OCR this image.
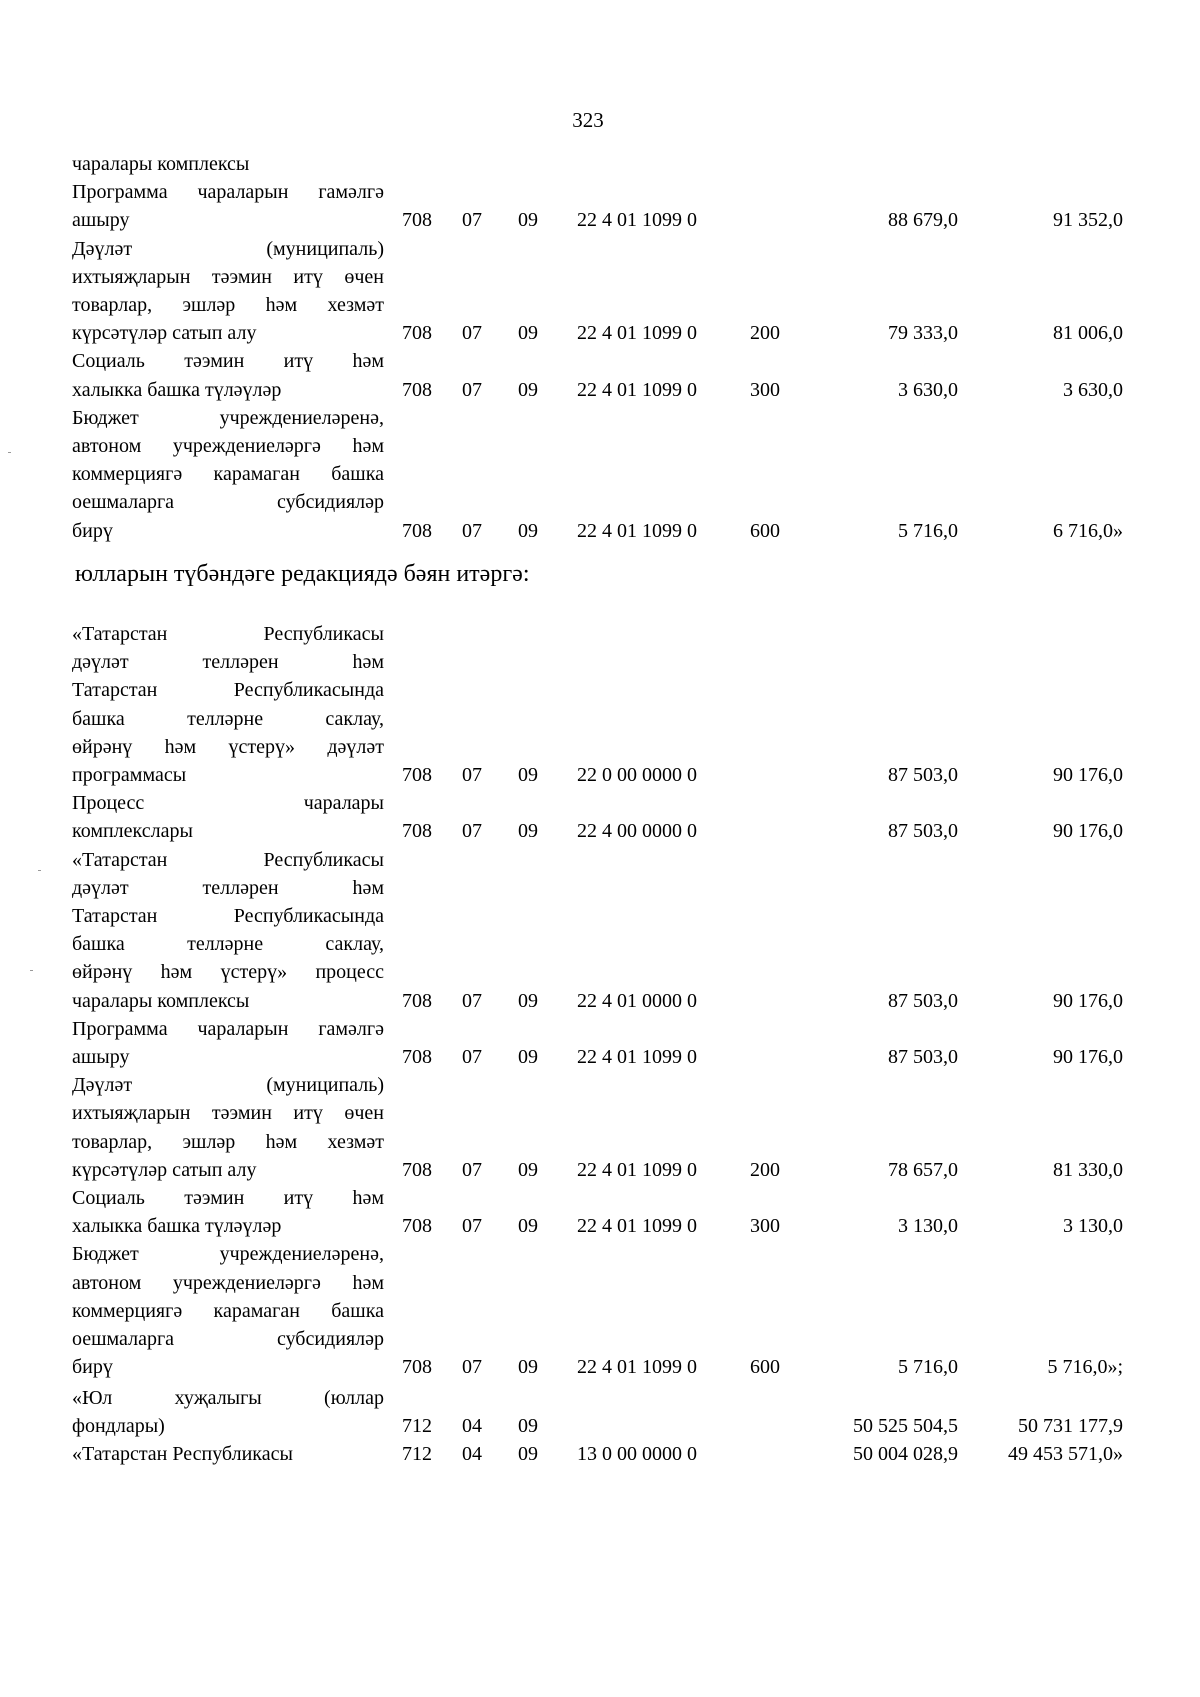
323
чаралары комплексы
Программа чараларын гамәлгә
ашыру	708 07 09 22 4 01 1099 0	88 679,0	91 352,0
Дәүләт (муниципаль)
ихтыяҗларын тәэмин итү өчен
товарлар, эшләр һәм хезмәт
күрсәтүләр сатып алу	708 07 09 22 4 01 1099 0	200	79 333,0	81 006,0
Социаль тәэмин итү һәм
халыкка башка түләүләр	708 07 09 22 4 01 1099 0	300	3 630,0	3 630,0
Бюджет учреждениеләренә,
автоном учреждениеләргә һәм
коммерциягә карамаган башка
оешмаларга субсидияләр
бирү	708 07 09 22 4 01 1099 0	600	5 716,0	6 716,0»
юлларын түбәндәге редакциядә бәян итәргә:
«Татарстан Республикасы
дәүләт телләрен һәм
Татарстан Республикасында
башка телләрне саклау,
өйрәнү һәм үстерү» дәүләт
программасы	708 07 09 22 0 00 0000 0	87 503,0	90 176,0
Процесс чаралары
комплекслары	708 07 09 22 4 00 0000 0	87 503,0	90 176,0
«Татарстан Республикасы
дәүләт телләрен һәм
Татарстан Республикасында
башка телләрне саклау,
өйрәнү һәм үстерү» процесс
чаралары комплексы	708 07 09 22 4 01 0000 0	87 503,0	90 176,0
Программа чараларын гамәлгә
ашыру	708 07 09 22 4 01 1099 0	87 503,0	90 176,0
Дәүләт (муниципаль)
ихтыяҗларын тәэмин итү өчен
товарлар, эшләр һәм хезмәт
күрсәтүләр сатып алу	708 07 09 22 4 01 1099 0	200	78 657,0	81 330,0
Социаль тәэмин итү һәм
халыкка башка түләүләр	708 07 09 22 4 01 1099 0	300	3 130,0	3 130,0
Бюджет учреждениеләренә,
автоном учреждениеләргә һәм
коммерциягә карамаган башка
оешмаларга субсидияләр
бирү	708 07 09 22 4 01 1099 0	600	5 716,0	5 716,0»;
«Юл хуҗалыгы (юллар
фондлары)	712 04 09	50 525 504,5	50 731 177,9
«Татарстан Республикасы	712 04 09 13 0 00 0000 0	50 004 028,9	49 453 571,0»
